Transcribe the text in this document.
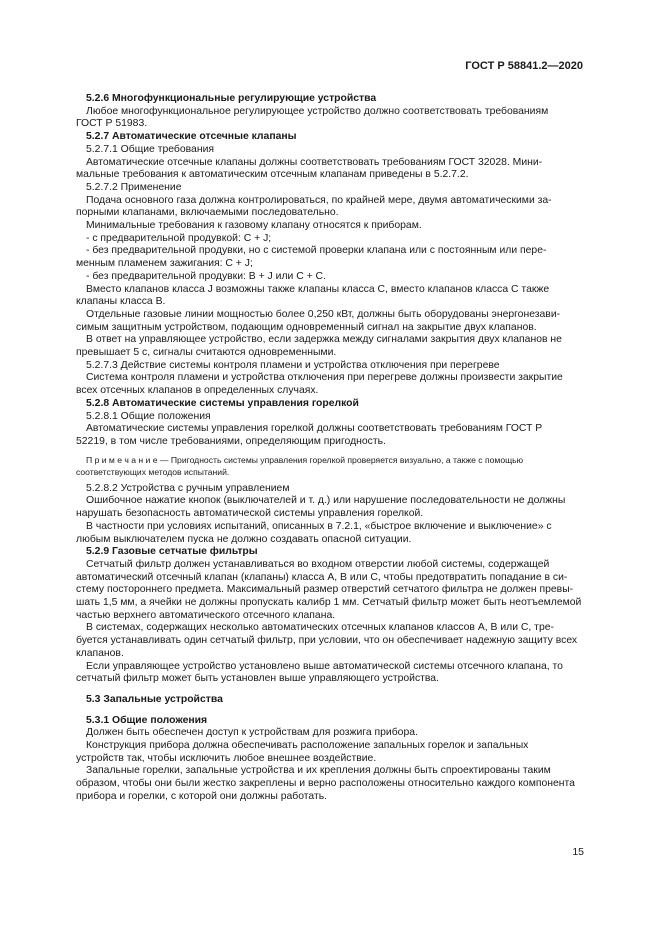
ГОСТ Р 58841.2—2020
5.2.6 Многофункциональные регулирующие устройства
Любое многофункциональное регулирующее устройство должно соответствовать требованиям
ГОСТ Р 51983.
5.2.7 Автоматические отсечные клапаны
5.2.7.1 Общие требования
Автоматические отсечные клапаны должны соответствовать требованиям ГОСТ 32028. Мини-
мальные требования к автоматическим отсечным клапанам приведены в 5.2.7.2.
5.2.7.2 Применение
Подача основного газа должна контролироваться, по крайней мере, двумя автоматическими за-
порными клапанами, включаемыми последовательно.
Минимальные требования к газовому клапану относятся к приборам.
- с предварительной продувкой: C + J;
- без предварительной продувки, но с системой проверки клапана или с постоянным или пере-
менным пламенем зажигания: C + J;
- без предварительной продувки: B + J или C + C.
Вместо клапанов класса J возможны также клапаны класса C, вместо клапанов класса C также
клапаны класса B.
Отдельные газовые линии мощностью более 0,250 кВт, должны быть оборудованы энергонезави-
симым защитным устройством, подающим одновременный сигнал на закрытие двух клапанов.
В ответ на управляющее устройство, если задержка между сигналами закрытия двух клапанов не
превышает 5 с, сигналы считаются одновременными.
5.2.7.3 Действие системы контроля пламени и устройства отключения при перегреве
Система контроля пламени и устройства отключения при перегреве должны произвести закрытие
всех отсечных клапанов в определенных случаях.
5.2.8 Автоматические системы управления горелкой
5.2.8.1 Общие положения
Автоматические системы управления горелкой должны соответствовать требованиям ГОСТ Р
52219, в том числе требованиями, определяющим пригодность.
П р и м е ч а н и е — Пригодность системы управления горелкой проверяется визуально, а также с помощью
соответствующих методов испытаний.
5.2.8.2 Устройства с ручным управлением
Ошибочное нажатие кнопок (выключателей и т. д.) или нарушение последовательности не должны
нарушать безопасность автоматической системы управления горелкой.
В частности при условиях испытаний, описанных в 7.2.1, «быстрое включение и выключение» с
любым выключателем пуска не должно создавать опасной ситуации.
5.2.9 Газовые сетчатые фильтры
Сетчатый фильтр должен устанавливаться во входном отверстии любой системы, содержащей
автоматический отсечный клапан (клапаны) класса A, B или C, чтобы предотвратить попадание в си-
стему постороннего предмета. Максимальный размер отверстий сетчатого фильтра не должен превы-
шать 1,5 мм, а ячейки не должны пропускать калибр 1 мм. Сетчатый фильтр может быть неотъемлемой
частью верхнего автоматического отсечного клапана.
В системах, содержащих несколько автоматических отсечных клапанов классов A, B или C, тре-
буется устанавливать один сетчатый фильтр, при условии, что он обеспечивает надежную защиту всех
клапанов.
Если управляющее устройство установлено выше автоматической системы отсечного клапана, то
сетчатый фильтр может быть установлен выше управляющего устройства.
5.3 Запальные устройства
5.3.1 Общие положения
Должен быть обеспечен доступ к устройствам для розжига прибора.
Конструкция прибора должна обеспечивать расположение запальных горелок и запальных
устройств так, чтобы исключить любое внешнее воздействие.
Запальные горелки, запальные устройства и их крепления должны быть спроектированы таким
образом, чтобы они были жестко закреплены и верно расположены относительно каждого компонента
прибора и горелки, с которой они должны работать.
15
